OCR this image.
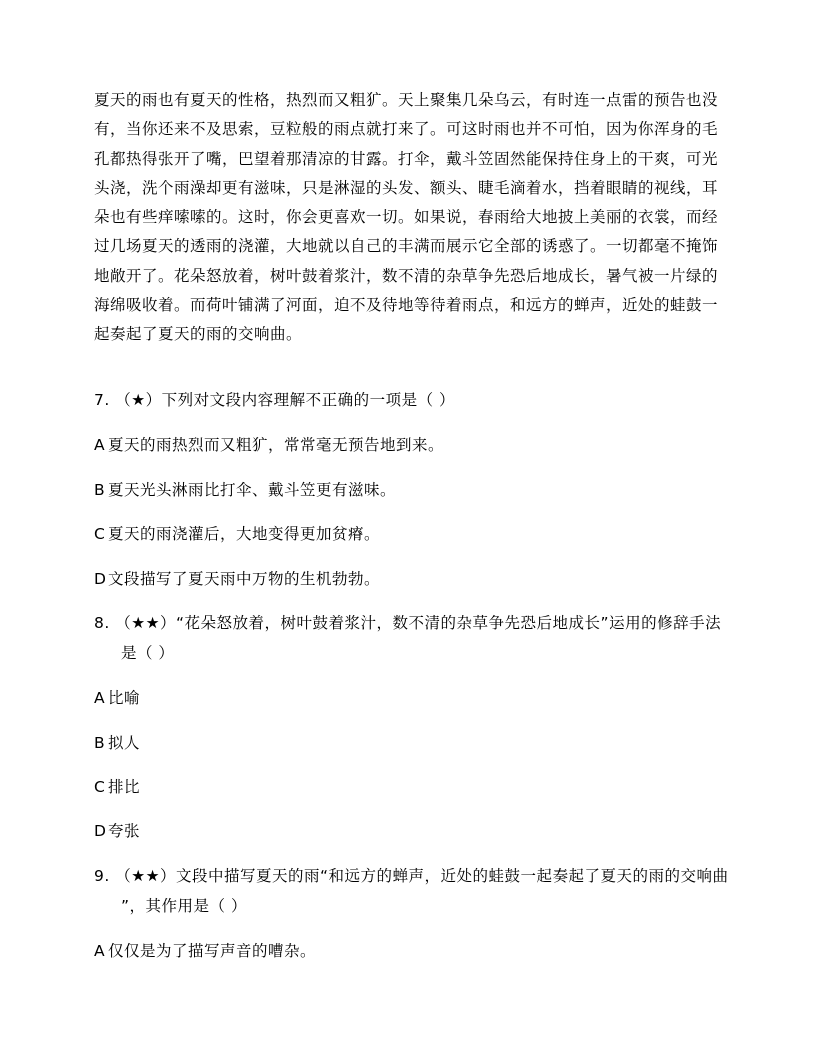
夏天的雨也有夏天的性格，热烈而又粗犷。天上聚集几朵乌云，有时连一点雷的预告也没
有，当你还来不及思索，豆粒般的雨点就打来了。可这时雨也并不可怕，因为你浑身的毛
孔都热得张开了嘴，巴望着那清凉的甘露。打伞，戴斗笠固然能保持住身上的干爽，可光
头浇，洗个雨澡却更有滋味，只是淋湿的头发、额头、睫毛滴着水，挡着眼睛的视线，耳
朵也有些痒嗦嗦的。这时，你会更喜欢一切。如果说，春雨给大地披上美丽的衣裳，而经
过几场夏天的透雨的浇灌，大地就以自己的丰满而展示它全部的诱惑了。一切都毫不掩饰
地敞开了。花朵怒放着，树叶鼓着浆汁，数不清的杂草争先恐后地成长，暑气被一片绿的
海绵吸收着。而荷叶铺满了河面，迫不及待地等待着雨点，和远方的蝉声，近处的蛙鼓一
起奏起了夏天的雨的交响曲。
7. （★）下列对文段内容理解不正确的一项是（ ）
A 夏天的雨热烈而又粗犷，常常毫无预告地到来。
B 夏天光头淋雨比打伞、戴斗笠更有滋味。
C 夏天的雨浇灌后，大地变得更加贫瘠。
D 文段描写了夏天雨中万物的生机勃勃。
8. （★★）“花朵怒放着，树叶鼓着浆汁，数不清的杂草争先恐后地成长”运用的修辞手法
是（ ）
A 比喻
B 拟人
C 排比
D 夸张
9. （★★）文段中描写夏天的雨“和远方的蝉声，近处的蛙鼓一起奏起了夏天的雨的交响曲
”，其作用是（ ）
A 仅仅是为了描写声音的嘈杂。
